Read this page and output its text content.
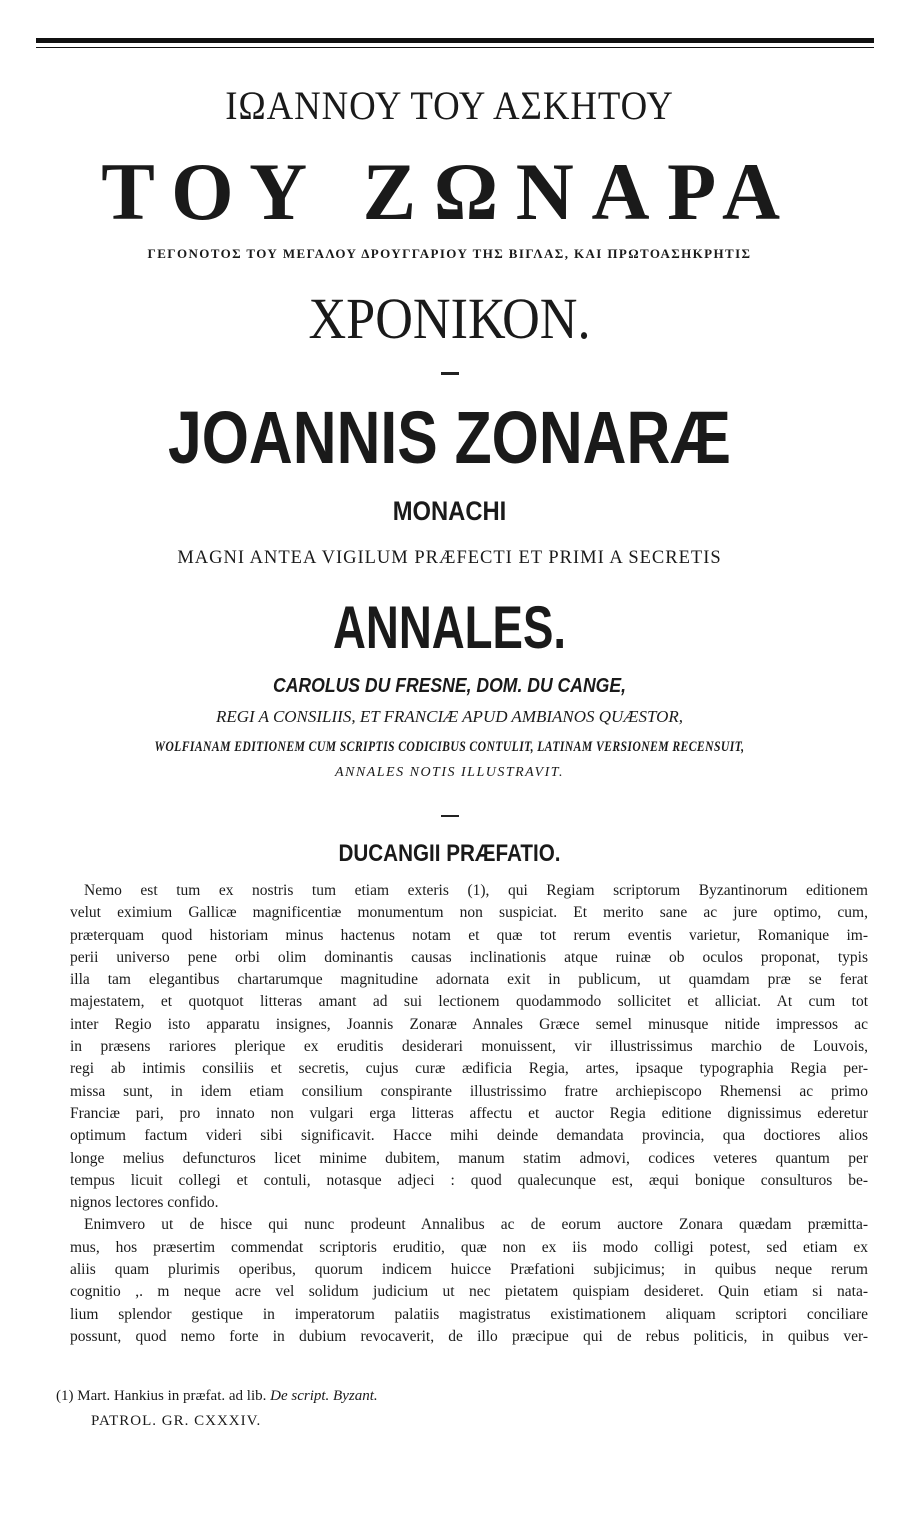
ΙΩΑΝΝΟΥ ΤΟΥ ΑΣΚΗΤΟΥ
ΤΟΥ ΖΩΝΑΡΑ
ΓΕΓΟΝΟΤΟΣ ΤΟΥ ΜΕΓΑΛΟΥ ΔΡΟΥΓΓΑΡΙΟΥ ΤΗΣ ΒΙΓΛΑΣ, ΚΑΙ ΠΡΩΤΟΑΣΗΚΡΗΤΙΣ
ΧΡΟΝΙΚΟΝ.
JOANNIS ZONARÆ
MONACHI
MAGNI ANTEA VIGILUM PRÆFECTI ET PRIMI A SECRETIS
ANNALES.
CAROLUS DU FRESNE, DOM. DU CANGE,
REGI A CONSILIIS, ET FRANCIÆ APUD AMBIANOS QUÆSTOR,
WOLFIANAM EDITIONEM CUM SCRIPTIS CODICIBUS CONTULIT, LATINAM VERSIONEM RECENSUIT,
ANNALES NOTIS ILLUSTRAVIT.
DUCANGII PRÆFATIO.
Nemo est tum ex nostris tum etiam exteris (1), qui Regiam scriptorum Byzantinorum editionem
velut eximium Gallicæ magnificentiæ monumentum non suspiciat. Et merito sane ac jure optimo, cum,
præterquam quod historiam minus hactenus notam et quæ tot rerum eventis varietur, Romanique im-
perii universo pene orbi olim dominantis causas inclinationis atque ruinæ ob oculos proponat, typis
illa tam elegantibus chartarumque magnitudine adornata exit in publicum, ut quamdam præ se ferat
majestatem, et quotquot litteras amant ad sui lectionem quodammodo sollicitet et alliciat. At cum tot
inter Regio isto apparatu insignes, Joannis Zonaræ Annales Græce semel minusque nitide impressos ac
in præsens rariores plerique ex eruditis desiderari monuissent, vir illustrissimus marchio de Louvois,
regi ab intimis consiliis et secretis, cujus curæ ædificia Regia, artes, ipsaque typographia Regia per-
missa sunt, in idem etiam consilium conspirante illustrissimo fratre archiepiscopo Rhemensi ac primo
Franciæ pari, pro innato non vulgari erga litteras affectu et auctor Regia editione dignissimus ederetur
optimum factum videri sibi significavit. Hacce mihi deinde demandata provincia, qua doctiores alios
longe melius defuncturos licet minime dubitem, manum statim admovi, codices veteres quantum per
tempus licuit collegi et contuli, notasque adjeci : quod qualecunque est, æqui bonique consulturos be-
nignos lectores confido.
Enimvero ut de hisce qui nunc prodeunt Annalibus ac de eorum auctore Zonara quædam præmitta-
mus, hos præsertim commendat scriptoris eruditio, quæ non ex iis modo colligi potest, sed etiam ex
aliis quam plurimis operibus, quorum indicem huicce Præfationi subjicimus; in quibus neque rerum
cognitio ,. m neque acre vel solidum judicium ut nec pietatem quispiam desideret. Quin etiam si nata-
lium splendor gestique in imperatorum palatiis magistratus existimationem aliquam scriptori conciliare
possunt, quod nemo forte in dubium revocaverit, de illo præcipue qui de rebus politicis, in quibus ver-
(1) Mart. Hankius in præfat. ad lib. De script. Byzant.
PATROL. GR. CXXXIV.
